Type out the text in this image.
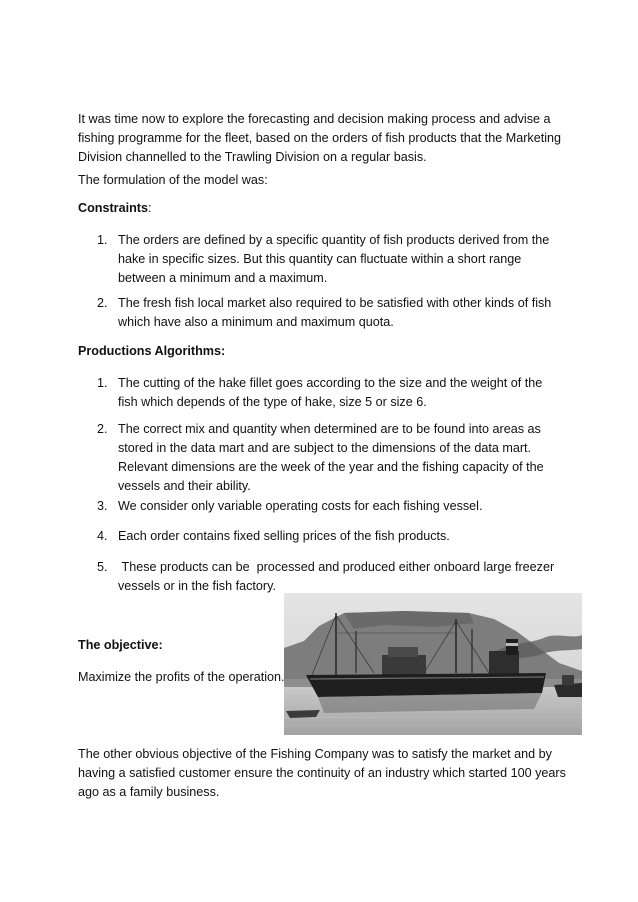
It was time now to explore the forecasting and decision making process and advise a fishing programme for the fleet, based on the orders of fish products that the Marketing Division channelled to the Trawling Division on a regular basis.

The formulation of the model was:

Constraints:

1. The orders are defined by a specific quantity of fish products derived from the hake in specific sizes. But this quantity can fluctuate within a short range between a minimum and a maximum.
2. The fresh fish local market also required to be satisfied with other kinds of fish which have also a minimum and maximum quota.

Productions Algorithms:

1. The cutting of the hake fillet goes according to the size and the weight of the fish which depends of the type of hake, size 5 or size 6.
2. The correct mix and quantity when determined are to be found into areas as stored in the data mart and are subject to the dimensions of the data mart. Relevant dimensions are the week of the year and the fishing capacity of the vessels and their ability.
3. We consider only variable operating costs for each fishing vessel.
4. Each order contains fixed selling prices of the fish products.
5. These products can be  processed and produced either onboard large freezer vessels or in the fish factory.

The objective:

Maximize the profits of the operation.

The other obvious objective of the Fishing Company was to satisfy the market and by having a satisfied customer ensure the continuity of an industry which started 100 years ago as a family business.
